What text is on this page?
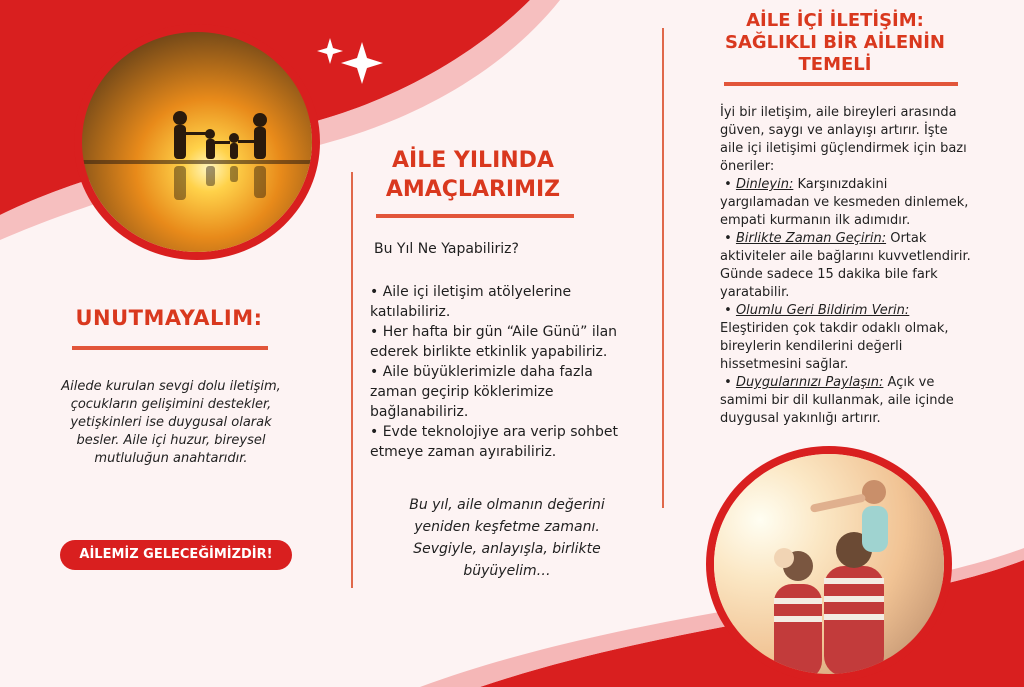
UNUTMAYALIM:
Ailede kurulan sevgi dolu iletişim,
çocukların gelişimini destekler,
yetişkinleri ise duygusal olarak
besler. Aile içi huzur, bireysel
mutluluğun anahtarıdır.
AİLEMİZ GELECEĞİMİZDİR!
AİLE YILINDA
AMAÇLARIMIZ
Bu Yıl Ne Yapabiliriz?
• Aile içi iletişim atölyelerine
katılabiliriz.
• Her hafta bir gün “Aile Günü” ilan
ederek birlikte etkinlik yapabiliriz.
• Aile büyüklerimizle daha fazla
zaman geçirip köklerimize
bağlanabiliriz.
• Evde teknolojiye ara verip sohbet
etmeye zaman ayırabiliriz.
Bu yıl, aile olmanın değerini
yeniden keşfetme zamanı.
Sevgiyle, anlayışla, birlikte
büyüyelim…
AİLE İÇİ İLETİŞİM:
SAĞLIKLI BİR AİLENİN
TEMELİ
İyi bir iletişim, aile bireyleri arasında
güven, saygı ve anlayışı artırır. İşte
aile içi iletişimi güçlendirmek için bazı
öneriler:
• Dinleyin: Karşınızdakini
yargılamadan ve kesmeden dinlemek,
empati kurmanın ilk adımıdır.
• Birlikte Zaman Geçirin: Ortak
aktiviteler aile bağlarını kuvvetlendirir.
Günde sadece 15 dakika bile fark
yaratabilir.
• Olumlu Geri Bildirim Verin:
Eleştiriden çok takdir odaklı olmak,
bireylerin kendilerini değerli
hissetmesini sağlar.
• Duygularınızı Paylaşın: Açık ve
samimi bir dil kullanmak, aile içinde
duygusal yakınlığı artırır.
